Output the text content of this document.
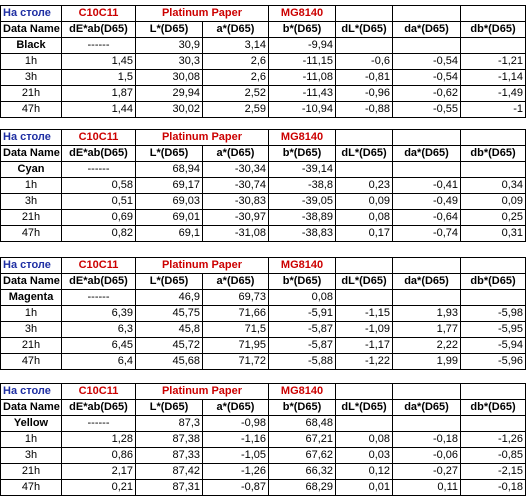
На столе	C10C11	Platinum Paper		MG8140			
Data Name	dE*ab(D65)	L*(D65)	a*(D65)	b*(D65)	dL*(D65)	da*(D65)	db*(D65)
Black	------	30,9	3,14	-9,94			
1h	1,45	30,3	2,6	-11,15	-0,6	-0,54	-1,21
3h	1,5	30,08	2,6	-11,08	-0,81	-0,54	-1,14
21h	1,87	29,94	2,52	-11,43	-0,96	-0,62	-1,49
47h	1,44	30,02	2,59	-10,94	-0,88	-0,55	-1
На столе	C10C11	Platinum Paper		MG8140			
Data Name	dE*ab(D65)	L*(D65)	a*(D65)	b*(D65)	dL*(D65)	da*(D65)	db*(D65)
Cyan	------	68,94	-30,34	-39,14			
1h	0,58	69,17	-30,74	-38,8	0,23	-0,41	0,34
3h	0,51	69,03	-30,83	-39,05	0,09	-0,49	0,09
21h	0,69	69,01	-30,97	-38,89	0,08	-0,64	0,25
47h	0,82	69,1	-31,08	-38,83	0,17	-0,74	0,31
На столе	C10C11	Platinum Paper		MG8140			
Data Name	dE*ab(D65)	L*(D65)	a*(D65)	b*(D65)	dL*(D65)	da*(D65)	db*(D65)
Magenta	------	46,9	69,73	0,08			
1h	6,39	45,75	71,66	-5,91	-1,15	1,93	-5,98
3h	6,3	45,8	71,5	-5,87	-1,09	1,77	-5,95
21h	6,45	45,72	71,95	-5,87	-1,17	2,22	-5,94
47h	6,4	45,68	71,72	-5,88	-1,22	1,99	-5,96
На столе	C10C11	Platinum Paper		MG8140			
Data Name	dE*ab(D65)	L*(D65)	a*(D65)	b*(D65)	dL*(D65)	da*(D65)	db*(D65)
Yellow	------	87,3	-0,98	68,48			
1h	1,28	87,38	-1,16	67,21	0,08	-0,18	-1,26
3h	0,86	87,33	-1,05	67,62	0,03	-0,06	-0,85
21h	2,17	87,42	-1,26	66,32	0,12	-0,27	-2,15
47h	0,21	87,31	-0,87	68,29	0,01	0,11	-0,18
